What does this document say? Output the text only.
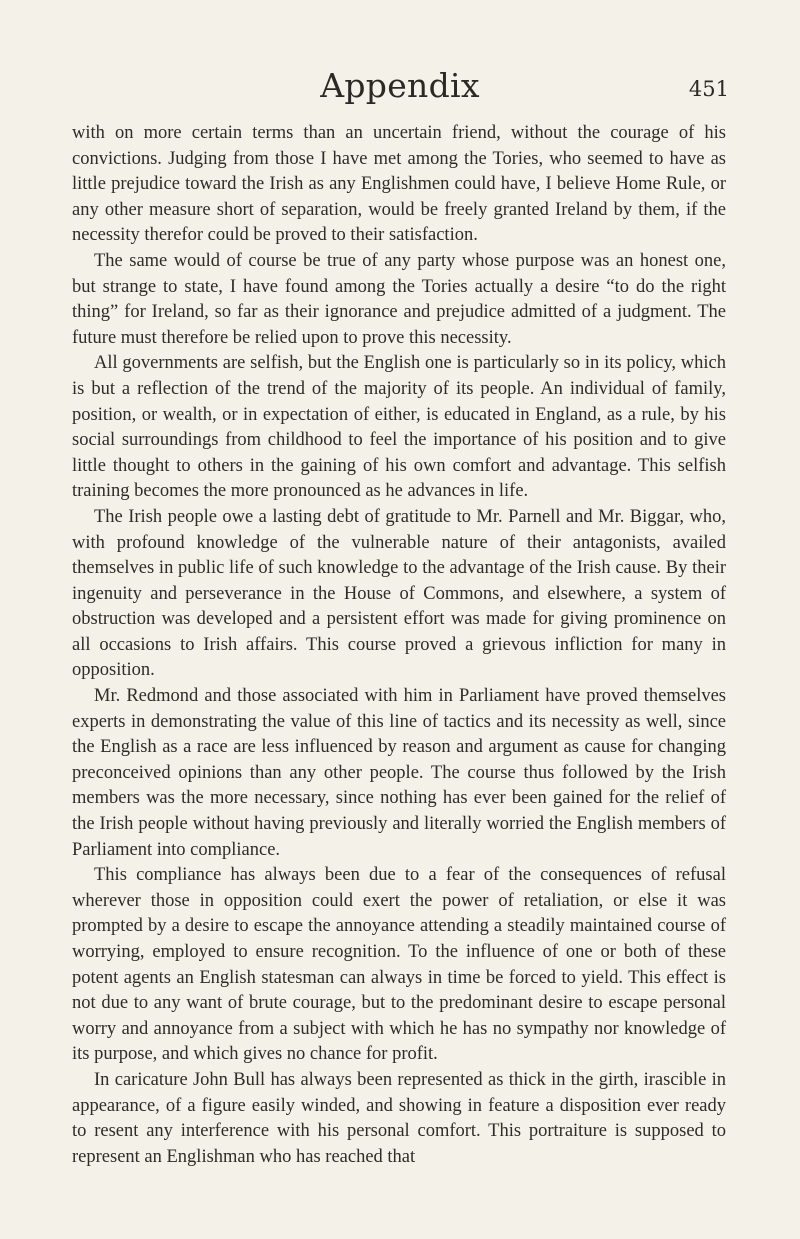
Appendix	451

with on more certain terms than an uncertain friend, without the courage of his convictions. Judging from those I have met among the Tories, who seemed to have as little prejudice toward the Irish as any Englishmen could have, I believe Home Rule, or any other measure short of separation, would be freely granted Ireland by them, if the necessity therefor could be proved to their satisfaction.

The same would of course be true of any party whose purpose was an honest one, but strange to state, I have found among the Tories actually a desire “to do the right thing” for Ireland, so far as their ignorance and prejudice admitted of a judgment. The future must therefore be relied upon to prove this necessity.

All governments are selfish, but the English one is particularly so in its policy, which is but a reflection of the trend of the majority of its people. An individual of family, position, or wealth, or in expectation of either, is educated in England, as a rule, by his social surroundings from childhood to feel the importance of his position and to give little thought to others in the gaining of his own comfort and advantage. This selfish training becomes the more pronounced as he advances in life.

The Irish people owe a lasting debt of gratitude to Mr. Parnell and Mr. Biggar, who, with profound knowledge of the vulnerable nature of their antagonists, availed themselves in public life of such knowledge to the advantage of the Irish cause. By their ingenuity and perseverance in the House of Commons, and elsewhere, a system of obstruction was developed and a persistent effort was made for giving prominence on all occasions to Irish affairs. This course proved a grievous infliction for many in opposition.

Mr. Redmond and those associated with him in Parliament have proved themselves experts in demonstrating the value of this line of tactics and its necessity as well, since the English as a race are less influenced by reason and argument as cause for changing preconceived opinions than any other people. The course thus followed by the Irish members was the more necessary, since nothing has ever been gained for the relief of the Irish people without having previously and literally worried the English members of Parliament into compliance.

This compliance has always been due to a fear of the consequences of refusal wherever those in opposition could exert the power of retaliation, or else it was prompted by a desire to escape the annoyance attending a steadily maintained course of worrying, employed to ensure recognition. To the influence of one or both of these potent agents an English statesman can always in time be forced to yield. This effect is not due to any want of brute courage, but to the predominant desire to escape personal worry and annoyance from a subject with which he has no sympathy nor knowledge of its purpose, and which gives no chance for profit.

In caricature John Bull has always been represented as thick in the girth, irascible in appearance, of a figure easily winded, and showing in feature a disposition ever ready to resent any interference with his personal comfort. This portraiture is supposed to represent an Englishman who has reached that
